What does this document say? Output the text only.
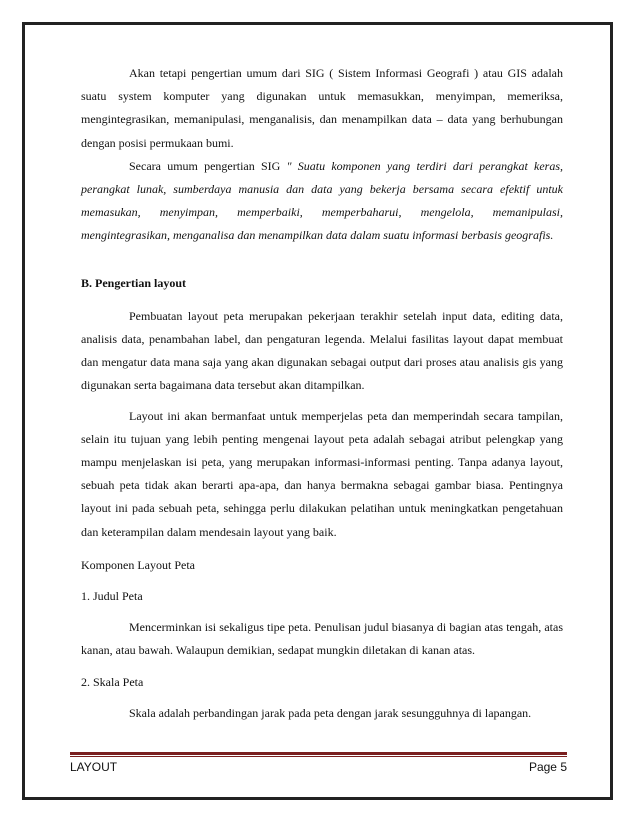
Akan tetapi pengertian umum dari SIG ( Sistem Informasi Geografi ) atau GIS adalah suatu system komputer yang digunakan untuk memasukkan, menyimpan, memeriksa, mengintegrasikan, memanipulasi, menganalisis, dan menampilkan data – data yang berhubungan dengan posisi permukaan bumi.

Secara umum pengertian SIG " Suatu komponen yang terdiri dari perangkat keras, perangkat lunak, sumberdaya manusia dan data yang bekerja bersama secara efektif untuk memasukan, menyimpan, memperbaiki, memperbaharui, mengelola, memanipulasi, mengintegrasikan, menganalisa dan menampilkan data dalam suatu informasi berbasis geografis.

B. Pengertian layout

Pembuatan layout peta merupakan pekerjaan terakhir setelah input data, editing data, analisis data, penambahan label, dan pengaturan legenda. Melalui fasilitas layout dapat membuat dan mengatur data mana saja yang akan digunakan sebagai output dari proses atau analisis gis yang digunakan serta bagaimana data tersebut akan ditampilkan.

Layout ini akan bermanfaat untuk memperjelas peta dan memperindah secara tampilan, selain itu tujuan yang lebih penting mengenai layout peta adalah sebagai atribut pelengkap yang mampu menjelaskan isi peta, yang merupakan informasi-informasi penting. Tanpa adanya layout, sebuah peta tidak akan berarti apa-apa, dan hanya bermakna sebagai gambar biasa. Pentingnya layout ini pada sebuah peta, sehingga perlu dilakukan pelatihan untuk meningkatkan pengetahuan dan keterampilan dalam mendesain layout yang baik.

Komponen Layout Peta

1. Judul Peta

Mencerminkan isi sekaligus tipe peta. Penulisan judul biasanya di bagian atas tengah, atas kanan, atau bawah. Walaupun demikian, sedapat mungkin diletakan di kanan atas.

2. Skala Peta

Skala adalah perbandingan jarak pada peta dengan jarak sesungguhnya di lapangan.

LAYOUT	Page 5
